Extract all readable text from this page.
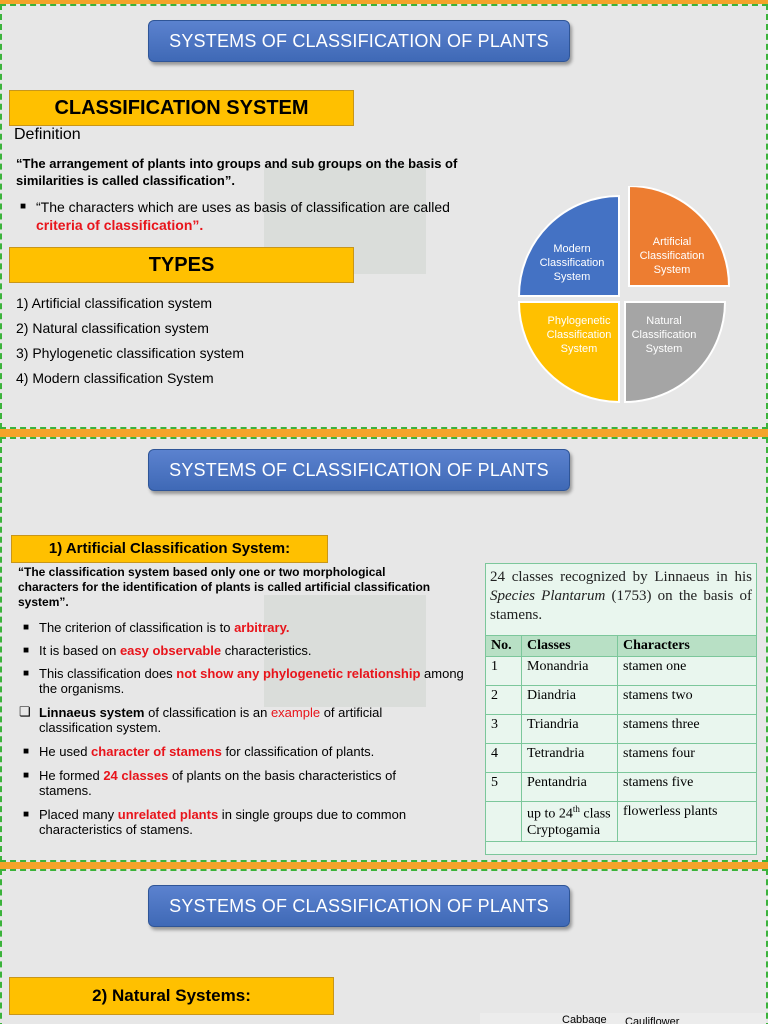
SYSTEMS OF CLASSIFICATION OF PLANTS
CLASSIFICATION SYSTEM
Definition
“The arrangement of plants into groups and sub groups on the basis of similarities is called classification”.
■ “The characters which are uses as basis of classification are called
criteria of classification”.
TYPES
1) Artificial classification system
2) Natural classification system
3) Phylogenetic classification system
4) Modern classification System
Modern Classification System
Artificial Classification System
Phylogenetic Classification System
Natural Classification System
SYSTEMS OF CLASSIFICATION OF PLANTS
1) Artificial Classification System:
“The classification system based only one or two morphological characters for the identification of plants is called artificial classification system”.
■ The criterion of classification is to arbitrary.
■ It is based on easy observable characteristics.
■ This classification does not show any phylogenetic relationship among the organisms.
❏ Linnaeus system of classification is an example of artificial classification system.
■ He used character of stamens for classification of plants.
■ He formed 24 classes of plants on the basis characteristics of stamens.
■ Placed many unrelated plants in single groups due to common characteristics of stamens.
24 classes recognized by Linnaeus in his Species Plantarum (1753) on the basis of stamens.
No.	Classes	Characters
1	Monandria	stamen one
2	Diandria	stamens two
3	Triandria	stamens three
4	Tetrandria	stamens four
5	Pentandria	stamens five
	up to 24th class Cryptogamia	flowerless plants
SYSTEMS OF CLASSIFICATION OF PLANTS
2) Natural Systems:
Cabbage Cauliflower
